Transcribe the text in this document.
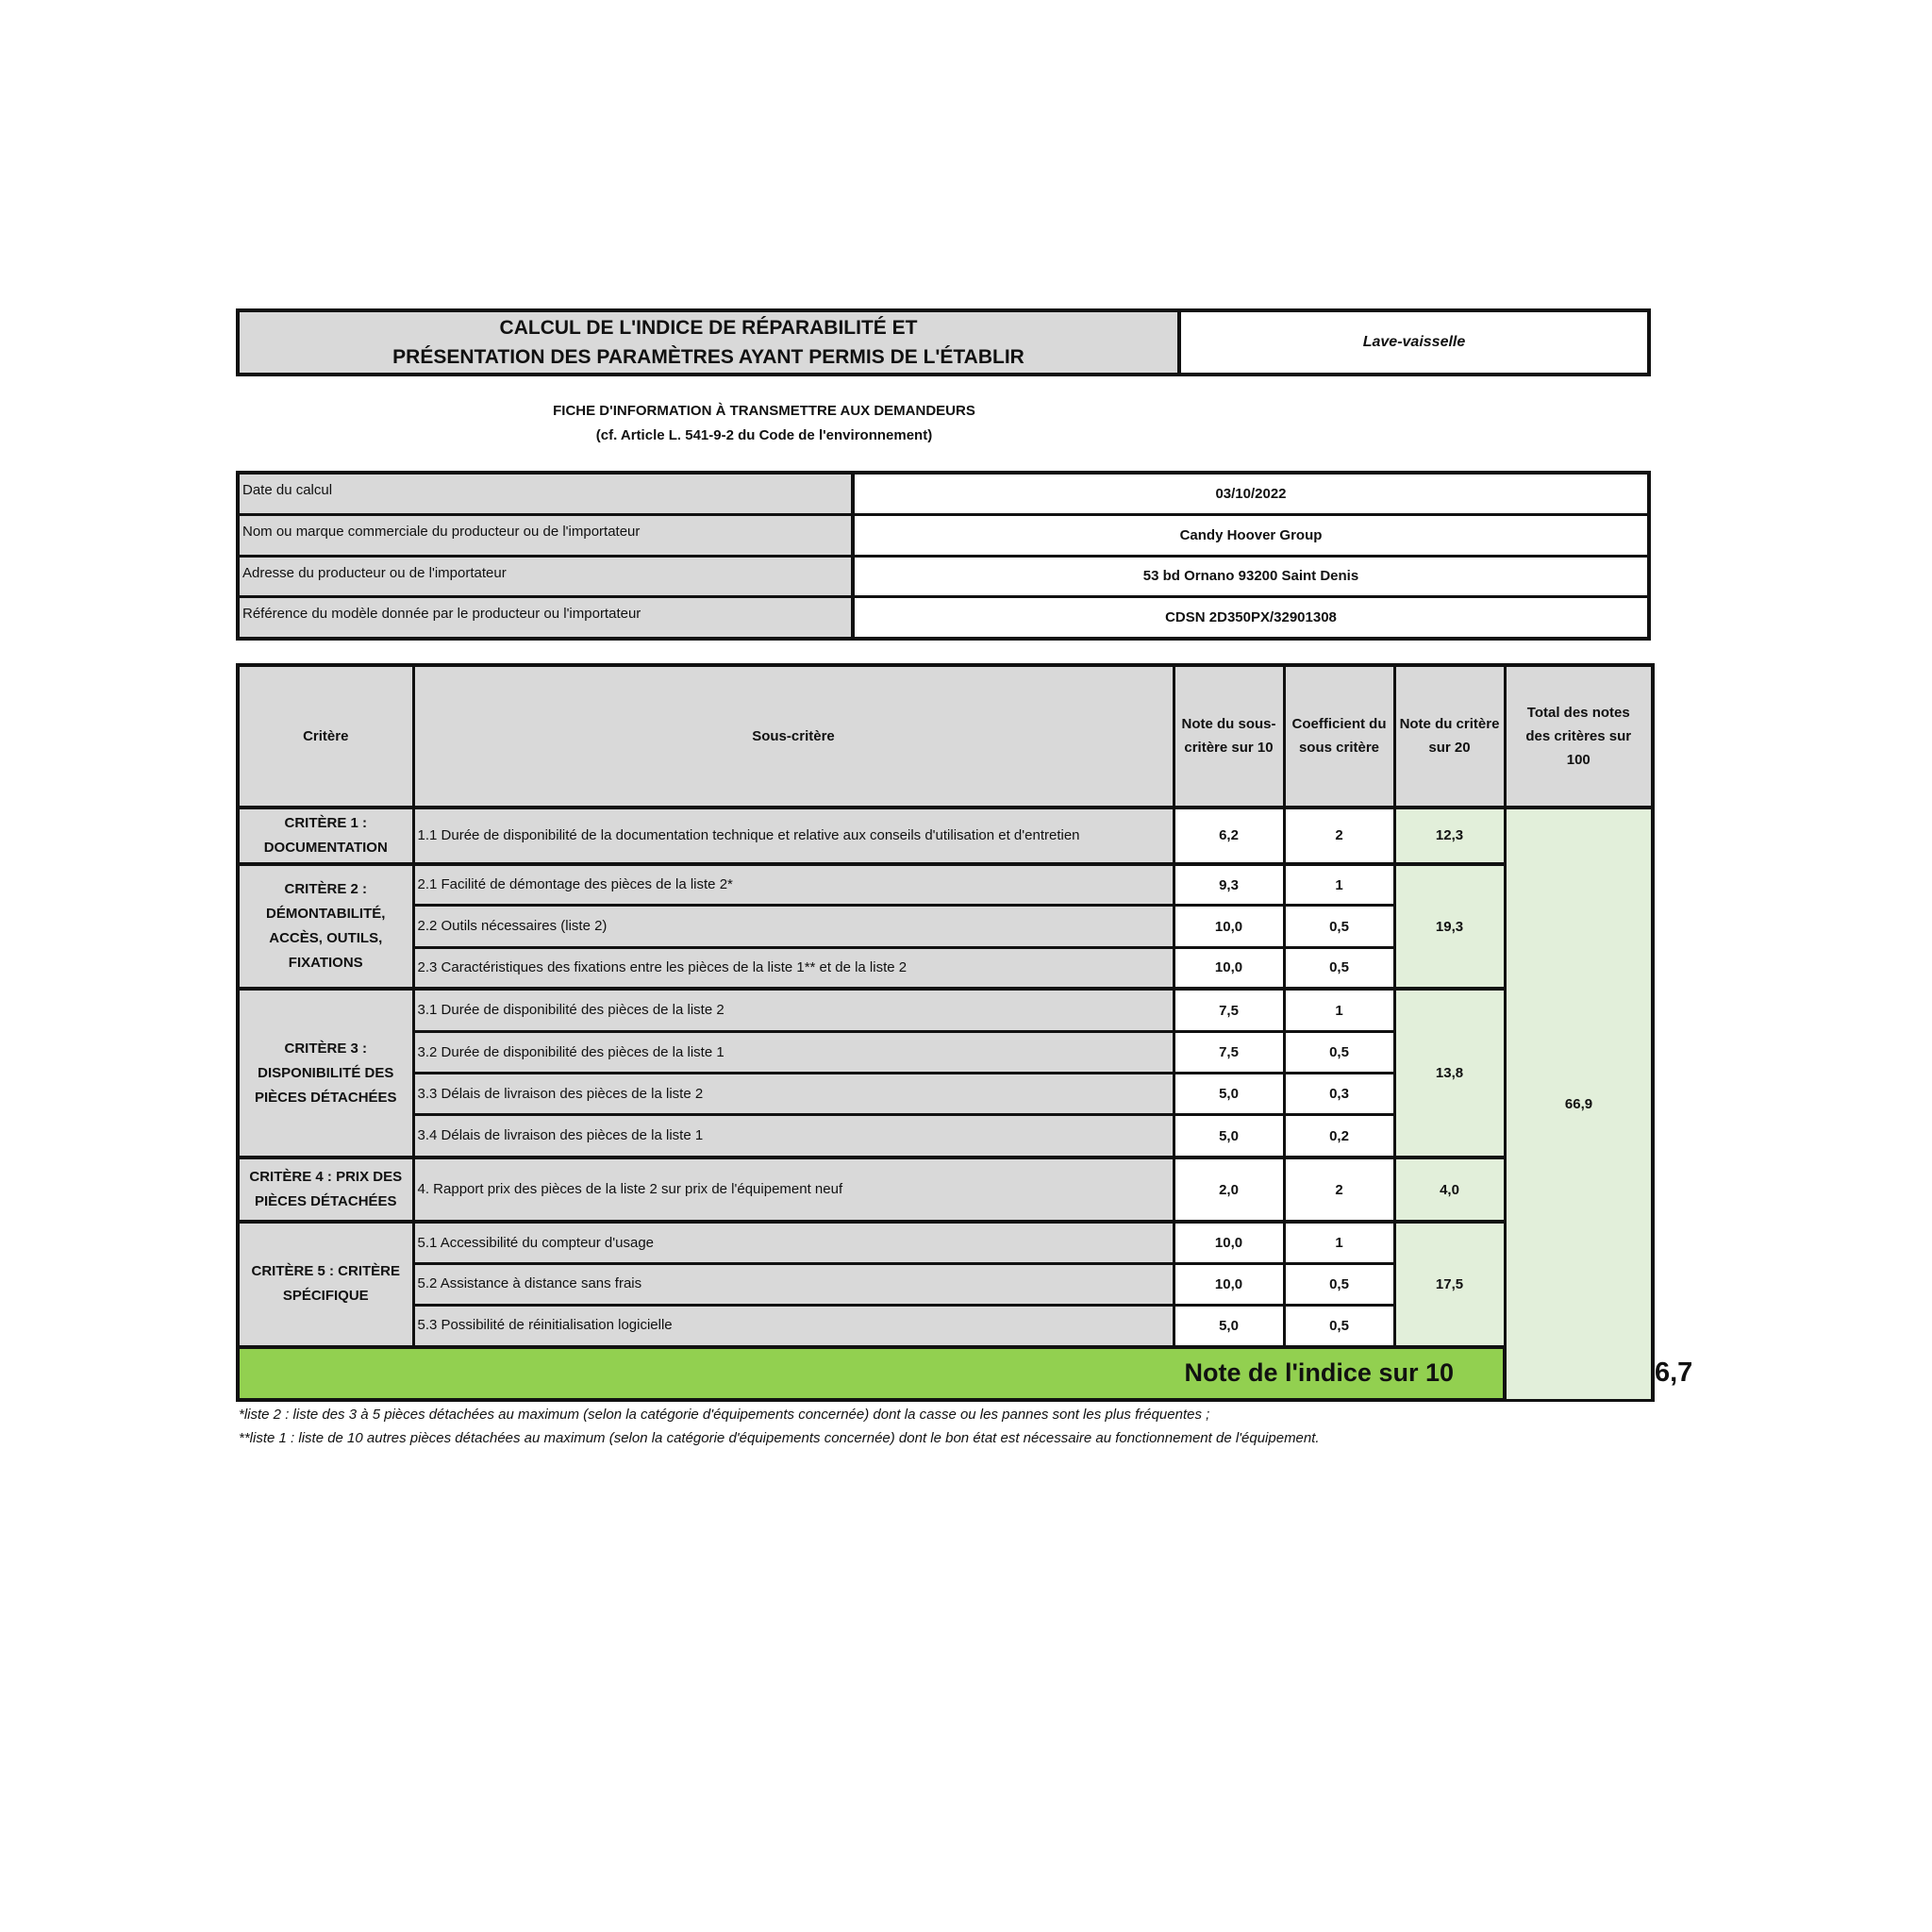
CALCUL DE L'INDICE DE RÉPARABILITÉ ET
PRÉSENTATION DES PARAMÈTRES AYANT PERMIS DE L'ÉTABLIR
Lave-vaisselle
FICHE D'INFORMATION À TRANSMETTRE AUX DEMANDEURS
(cf. Article L. 541-9-2 du Code de l'environnement)
Date du calcul	03/10/2022
Nom ou marque commerciale du producteur ou de l'importateur	Candy Hoover Group
Adresse du producteur ou de l'importateur	53 bd Ornano 93200 Saint Denis
Référence du modèle donnée par le producteur ou l'importateur	CDSN 2D350PX/32901308
Critère	Sous-critère	Note du sous-critère sur 10	Coefficient du sous critère	Note du critère sur 20	Total des notes des critères sur 100	
CRITÈRE 1 : DOCUMENTATION	1.1 Durée de disponibilité de la documentation technique et relative aux conseils d'utilisation et d'entretien	6,2	2	12,3	66,9	
CRITÈRE 2 : DÉMONTABILITÉ, ACCÈS, OUTILS, FIXATIONS	2.1 Facilité de démontage des pièces de la liste 2*	9,3	1	19,3		
	2.2 Outils nécessaires (liste 2)	10,0	0,5			
	2.3 Caractéristiques des fixations entre les pièces de la liste 1** et de la liste 2	10,0	0,5			
CRITÈRE 3 : DISPONIBILITÉ DES PIÈCES DÉTACHÉES	3.1 Durée de disponibilité des pièces de la liste 2	7,5	1	13,8		
	3.2 Durée de disponibilité des pièces de la liste 1	7,5	0,5			
	3.3 Délais de livraison des pièces de la liste 2	5,0	0,3			
	3.4 Délais de livraison des pièces de la liste 1	5,0	0,2			
CRITÈRE 4 : PRIX DES PIÈCES DÉTACHÉES	4. Rapport prix des pièces de la liste 2 sur prix de l'équipement neuf	2,0	2	4,0		
CRITÈRE 5 : CRITÈRE SPÉCIFIQUE	5.1 Accessibilité du compteur d'usage	10,0	1	17,5		
	5.2 Assistance à distance sans frais	10,0	0,5			
	5.3 Possibilité de réinitialisation logicielle	5,0	0,5			
Note de l'indice sur 10						6,7
*liste 2 : liste des 3 à 5 pièces détachées au maximum (selon la catégorie d'équipements concernée) dont la casse ou les pannes sont les plus fréquentes ;
**liste 1 : liste de 10 autres pièces détachées au maximum (selon la catégorie d'équipements concernée) dont le bon état est nécessaire au fonctionnement de l'équipement.
